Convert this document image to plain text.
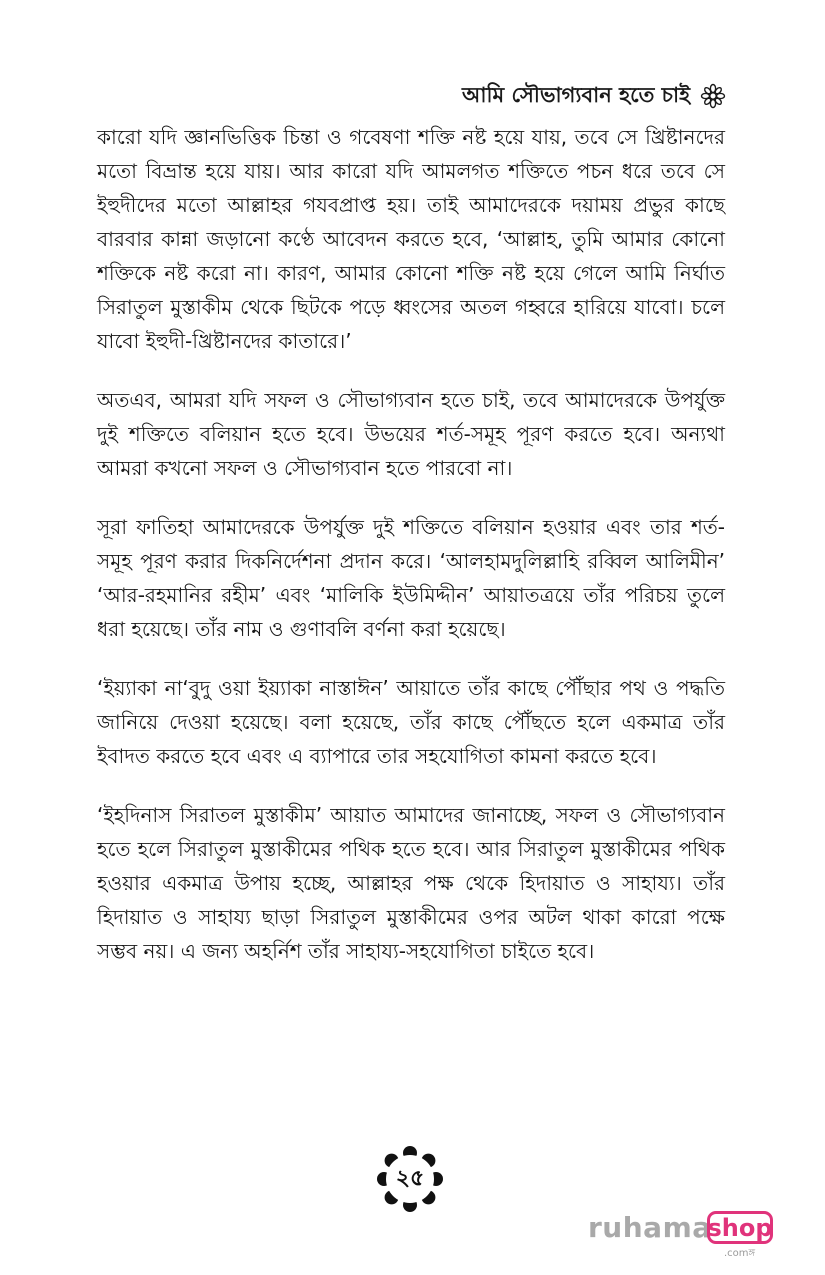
আমি সৌভাগ্যবান হতে চাই

কারো যদি জ্ঞানভিত্তিক চিন্তা ও গবেষণা শক্তি নষ্ট হয়ে যায়, তবে সে খ্রিষ্টানদের মতো বিভ্রান্ত হয়ে যায়। আর কারো যদি আমলগত শক্তিতে পচন ধরে তবে সে ইহুদীদের মতো আল্লাহর গযবপ্রাপ্ত হয়। তাই আমাদেরকে দয়াময় প্রভুর কাছে বারবার কান্না জড়ানো কণ্ঠে আবেদন করতে হবে, ‘আল্লাহ, তুমি আমার কোনো শক্তিকে নষ্ট করো না। কারণ, আমার কোনো শক্তি নষ্ট হয়ে গেলে আমি নির্ঘাত সিরাতুল মুস্তাকীম থেকে ছিটকে পড়ে ধ্বংসের অতল গহ্বরে হারিয়ে যাবো। চলে যাবো ইহুদী-খ্রিষ্টানদের কাতারে।’

অতএব, আমরা যদি সফল ও সৌভাগ্যবান হতে চাই, তবে আমাদেরকে উপর্যুক্ত দুই শক্তিতে বলিয়ান হতে হবে। উভয়ের শর্ত-সমূহ পূরণ করতে হবে। অন্যথা আমরা কখনো সফল ও সৌভাগ্যবান হতে পারবো না।

সূরা ফাতিহা আমাদেরকে উপর্যুক্ত দুই শক্তিতে বলিয়ান হওয়ার এবং তার শর্ত-সমূহ পূরণ করার দিকনির্দেশনা প্রদান করে। ‘আলহামদুলিল্লাহি রব্বিল আলিমীন’ ‘আর-রহমানির রহীম’ এবং ‘মালিকি ইউমিদ্দীন’ আয়াতত্রয়ে তাঁর পরিচয় তুলে ধরা হয়েছে। তাঁর নাম ও গুণাবলি বর্ণনা করা হয়েছে।

‘ইয়্যাকা না‘বুদু ওয়া ইয়্যাকা নাস্তাঈন’ আয়াতে তাঁর কাছে পৌঁছার পথ ও পদ্ধতি জানিয়ে দেওয়া হয়েছে। বলা হয়েছে, তাঁর কাছে পৌঁছতে হলে একমাত্র তাঁর ইবাদত করতে হবে এবং এ ব্যাপারে তার সহযোগিতা কামনা করতে হবে।

‘ইহদিনাস সিরাতল মুস্তাকীম’ আয়াত আমাদের জানাচ্ছে, সফল ও সৌভাগ্যবান হতে হলে সিরাতুল মুস্তাকীমের পথিক হতে হবে। আর সিরাতুল মুস্তাকীমের পথিক হওয়ার একমাত্র উপায় হচ্ছে, আল্লাহর পক্ষ থেকে হিদায়াত ও সাহায্য। তাঁর হিদায়াত ও সাহায্য ছাড়া সিরাতুল মুস্তাকীমের ওপর অটল থাকা কারো পক্ষে সম্ভব নয়। এ জন্য অহর্নিশ তাঁর সাহায্য-সহযোগিতা চাইতে হবে।

২৫
ruhama
shop
.comঙ্গ
